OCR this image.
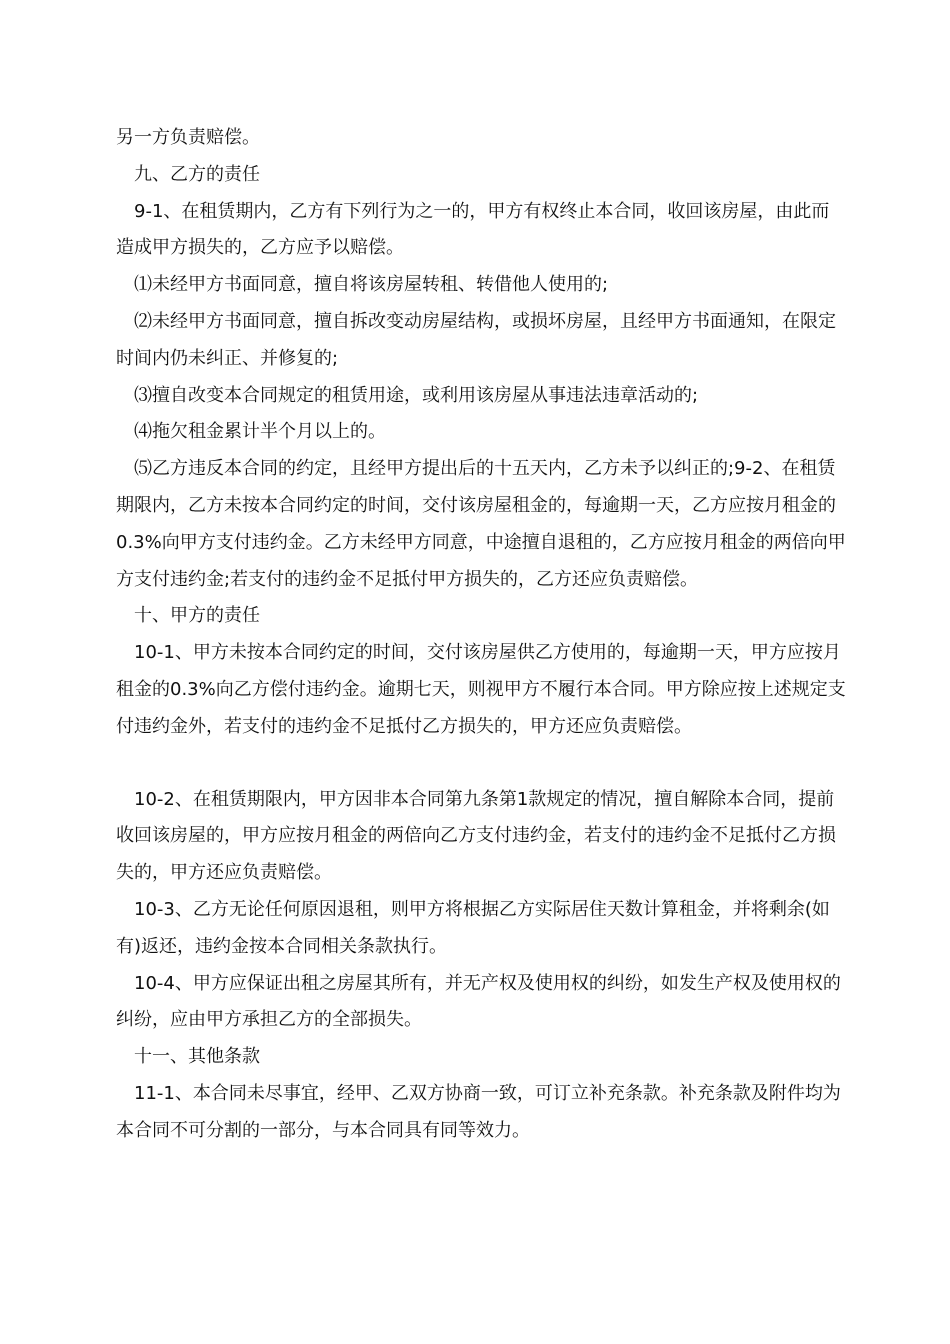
另一方负责赔偿。

九、乙方的责任

9-1、在租赁期内，乙方有下列行为之一的，甲方有权终止本合同，收回该房屋，由此而造成甲方损失的，乙方应予以赔偿。

⑴未经甲方书面同意，擅自将该房屋转租、转借他人使用的;

⑵未经甲方书面同意，擅自拆改变动房屋结构，或损坏房屋，且经甲方书面通知，在限定时间内仍未纠正、并修复的;

⑶擅自改变本合同规定的租赁用途，或利用该房屋从事违法违章活动的;

⑷拖欠租金累计半个月以上的。

⑸乙方违反本合同的约定，且经甲方提出后的十五天内，乙方未予以纠正的;9-2、在租赁期限内，乙方未按本合同约定的时间，交付该房屋租金的，每逾期一天，乙方应按月租金的0.3%向甲方支付违约金。乙方未经甲方同意，中途擅自退租的，乙方应按月租金的两倍向甲方支付违约金;若支付的违约金不足抵付甲方损失的，乙方还应负责赔偿。

十、甲方的责任

10-1、甲方未按本合同约定的时间，交付该房屋供乙方使用的，每逾期一天，甲方应按月租金的0.3%向乙方偿付违约金。逾期七天，则视甲方不履行本合同。甲方除应按上述规定支付违约金外，若支付的违约金不足抵付乙方损失的，甲方还应负责赔偿。

10-2、在租赁期限内，甲方因非本合同第九条第1款规定的情况，擅自解除本合同，提前收回该房屋的，甲方应按月租金的两倍向乙方支付违约金，若支付的违约金不足抵付乙方损失的，甲方还应负责赔偿。

10-3、乙方无论任何原因退租，则甲方将根据乙方实际居住天数计算租金，并将剩余(如有)返还，违约金按本合同相关条款执行。

10-4、甲方应保证出租之房屋其所有，并无产权及使用权的纠纷，如发生产权及使用权的纠纷，应由甲方承担乙方的全部损失。

十一、其他条款

11-1、本合同未尽事宜，经甲、乙双方协商一致，可订立补充条款。补充条款及附件均为本合同不可分割的一部分，与本合同具有同等效力。
